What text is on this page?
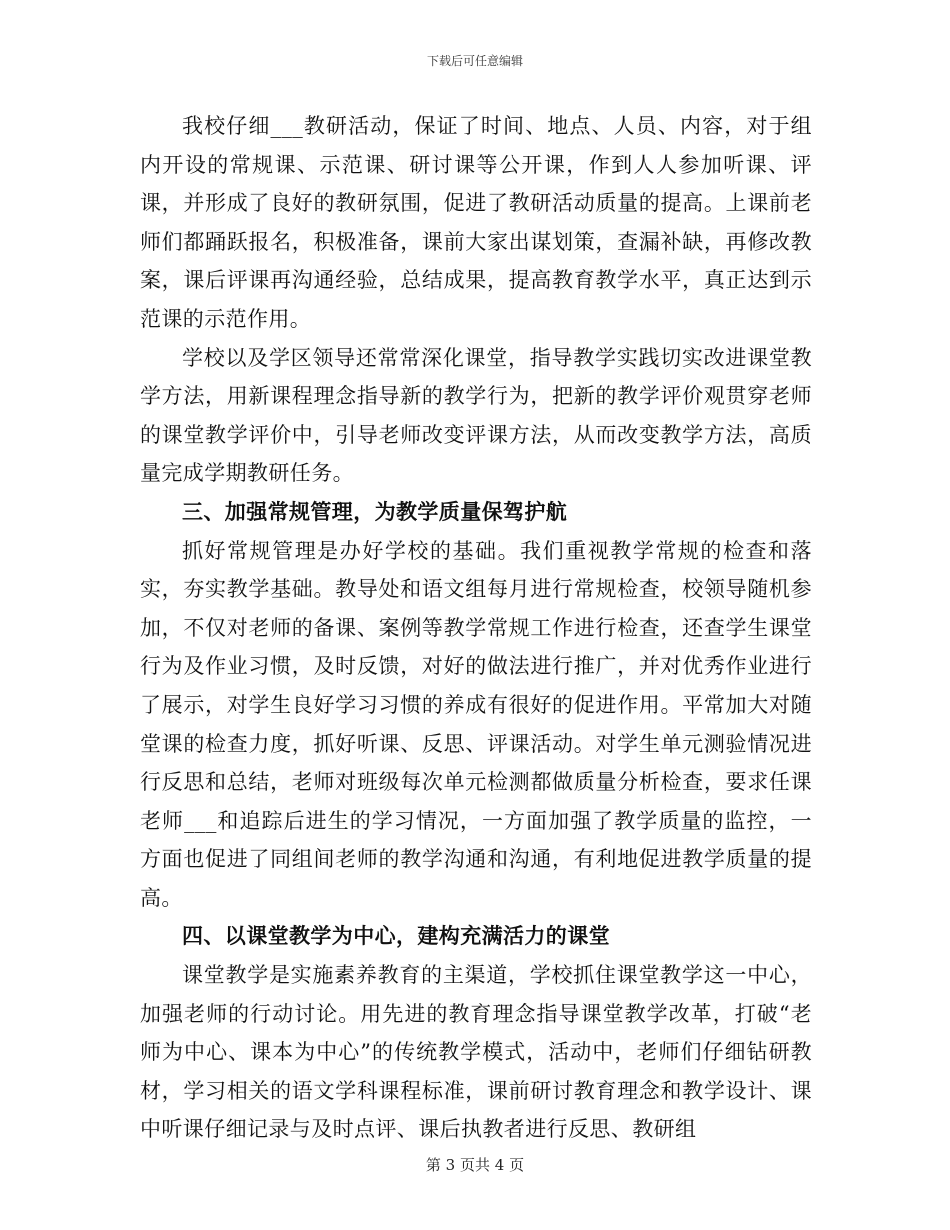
下载后可任意编辑

我校仔细___教研活动，保证了时间、地点、人员、内容，对于组内开设的常规课、示范课、研讨课等公开课，作到人人参加听课、评课，并形成了良好的教研氛围，促进了教研活动质量的提高。上课前老师们都踊跃报名，积极准备，课前大家出谋划策，查漏补缺，再修改教案，课后评课再沟通经验，总结成果，提高教育教学水平，真正达到示范课的示范作用。

学校以及学区领导还常常深化课堂，指导教学实践切实改进课堂教学方法，用新课程理念指导新的教学行为，把新的教学评价观贯穿老师的课堂教学评价中，引导老师改变评课方法，从而改变教学方法，高质量完成学期教研任务。

三、加强常规管理，为教学质量保驾护航

抓好常规管理是办好学校的基础。我们重视教学常规的检查和落实，夯实教学基础。教导处和语文组每月进行常规检查，校领导随机参加，不仅对老师的备课、案例等教学常规工作进行检查，还查学生课堂行为及作业习惯，及时反馈，对好的做法进行推广，并对优秀作业进行了展示，对学生良好学习习惯的养成有很好的促进作用。平常加大对随堂课的检查力度，抓好听课、反思、评课活动。对学生单元测验情况进行反思和总结，老师对班级每次单元检测都做质量分析检查，要求任课老师___和追踪后进生的学习情况，一方面加强了教学质量的监控，一方面也促进了同组间老师的教学沟通和沟通，有利地促进教学质量的提高。

四、以课堂教学为中心，建构充满活力的课堂

课堂教学是实施素养教育的主渠道，学校抓住课堂教学这一中心，加强老师的行动讨论。用先进的教育理念指导课堂教学改革，打破“老师为中心、课本为中心”的传统教学模式，活动中，老师们仔细钻研教材，学习相关的语文学科课程标准，课前研讨教育理念和教学设计、课中听课仔细记录与及时点评、课后执教者进行反思、教研组

第 3 页共 4 页
